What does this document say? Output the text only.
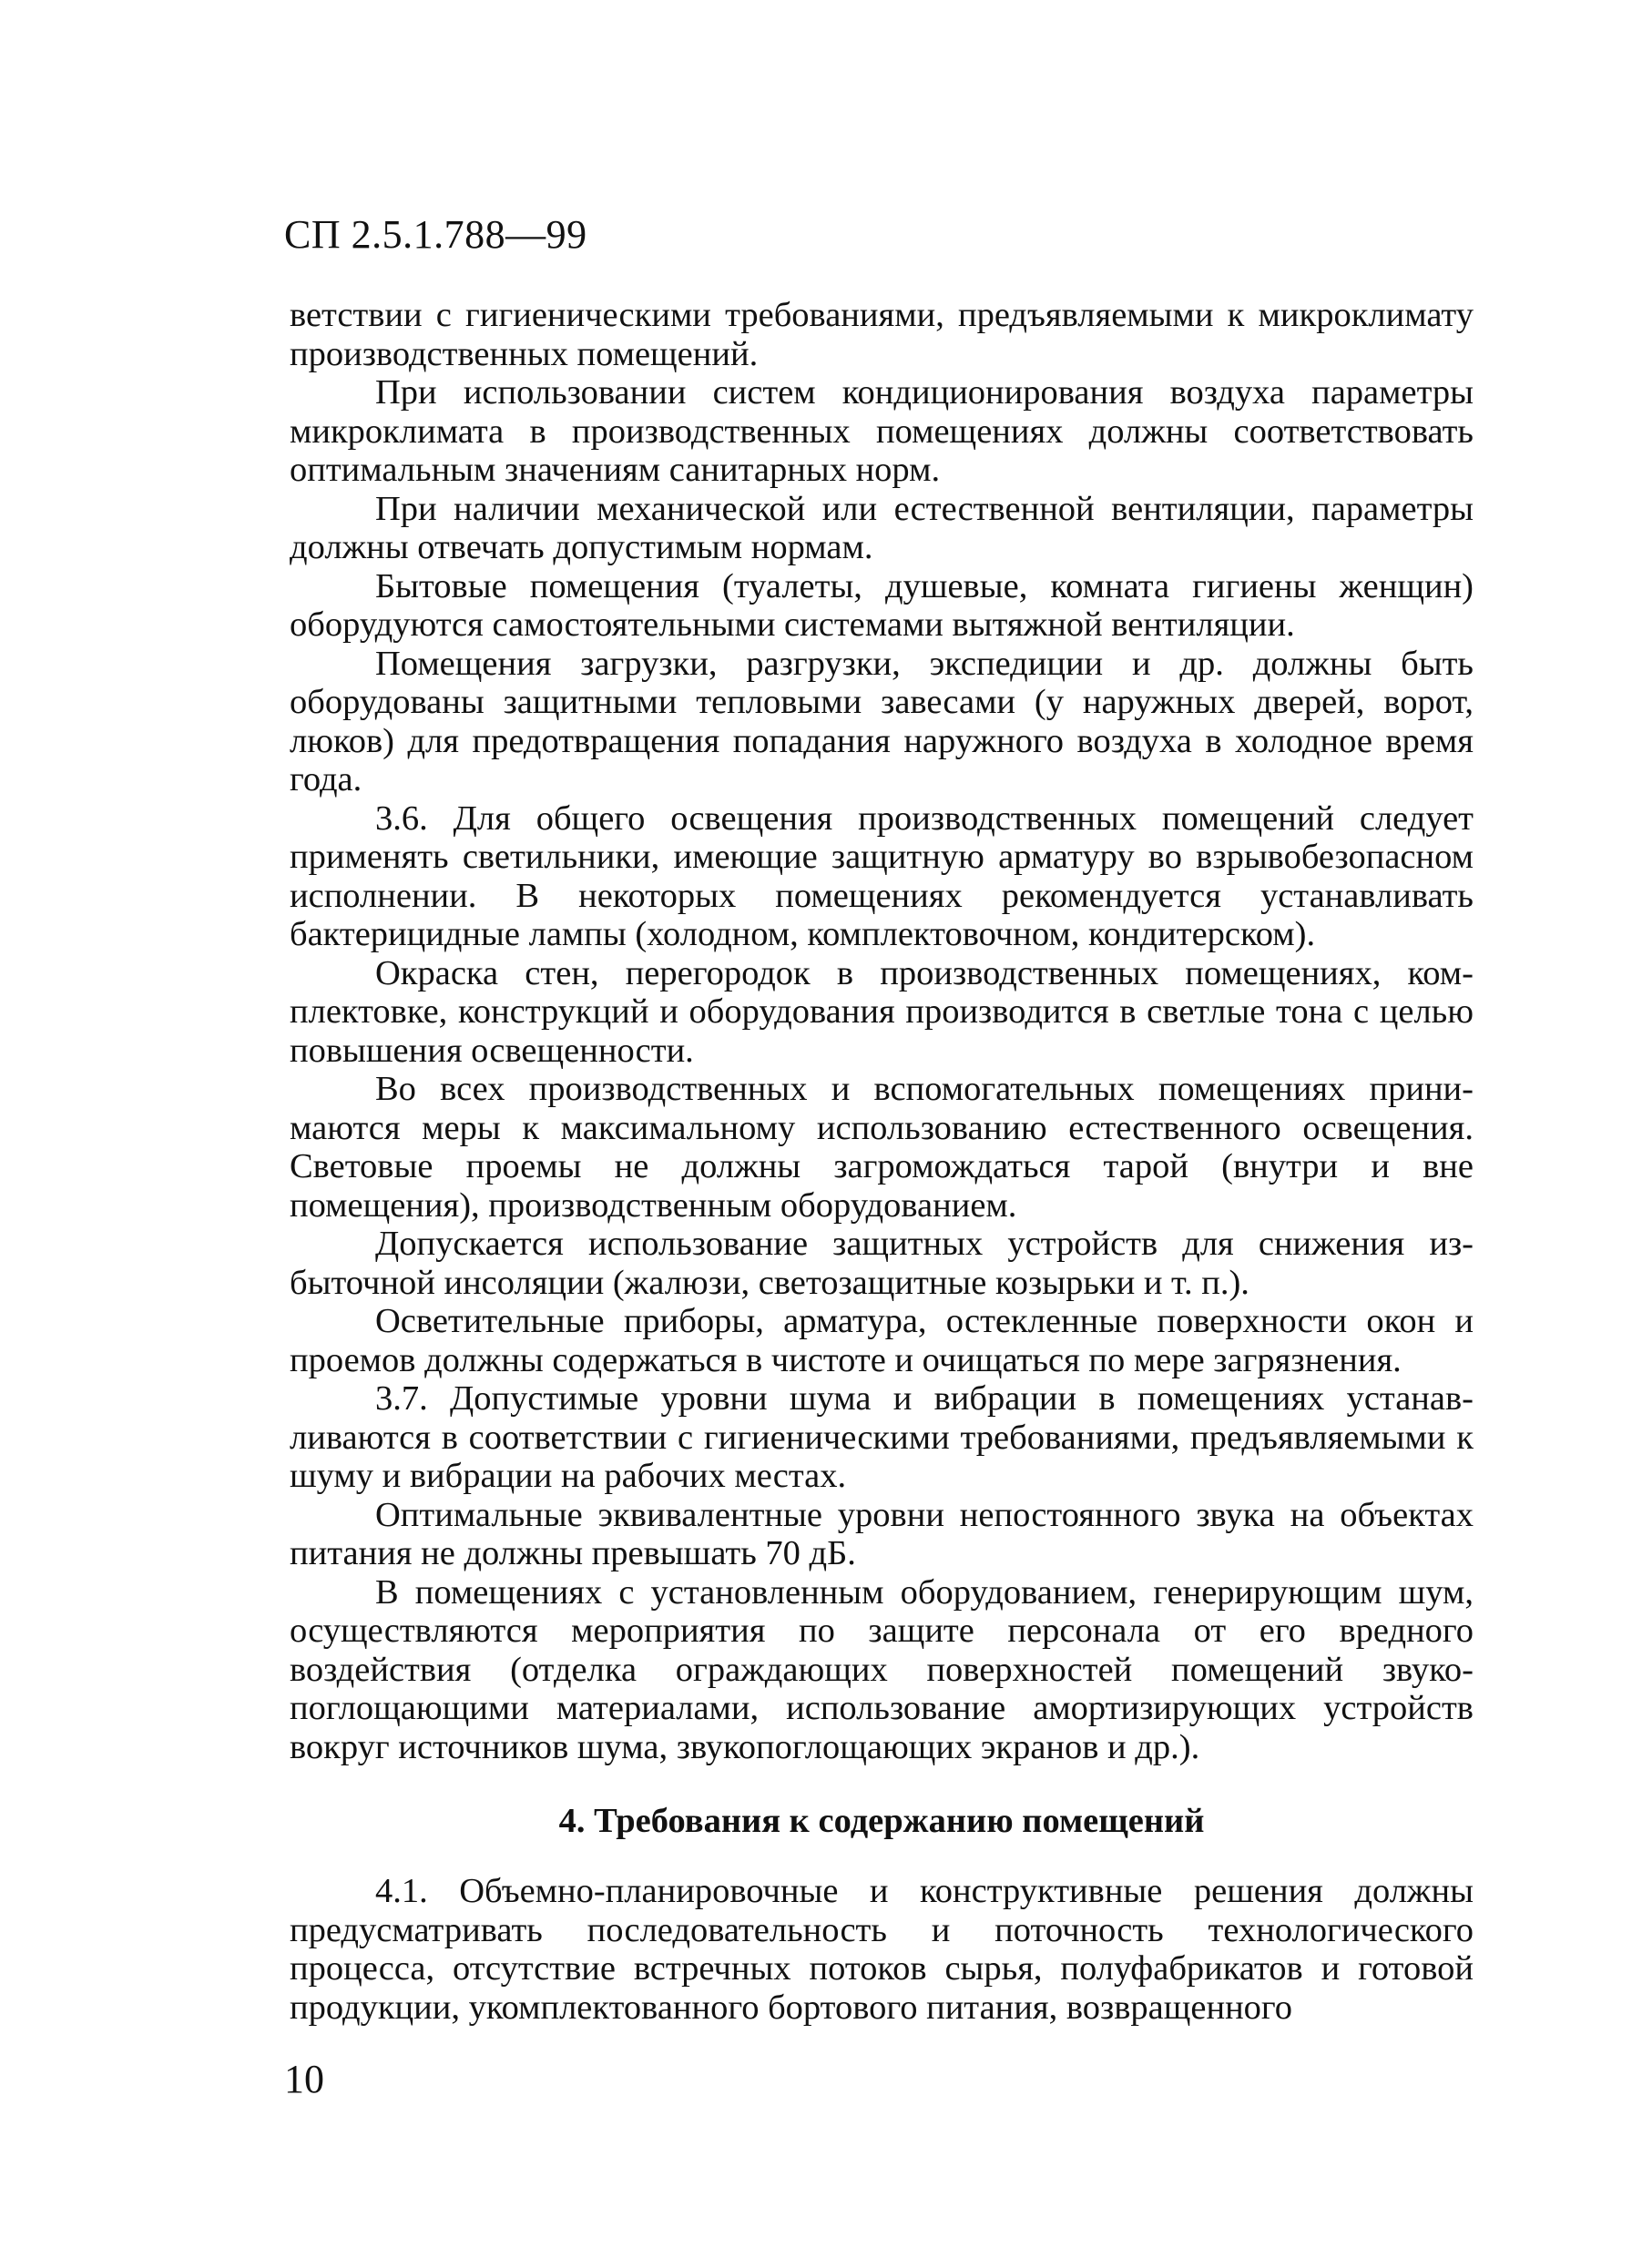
СП 2.5.1.788—99

ветствии с гигиеническими требованиями, предъявляемыми к микроклимату производственных помещений.

При использовании систем кондиционирования воздуха параметры микроклимата в производственных помещениях должны соответствовать оптимальным значениям санитарных норм.

При наличии механической или естественной вентиляции, параметры должны отвечать допустимым нормам.

Бытовые помещения (туалеты, душевые, комната гигиены женщин) оборудуются самостоятельными системами вытяжной вентиляции.

Помещения загрузки, разгрузки, экспедиции и др. должны быть оборудованы защитными тепловыми завесами (у наружных дверей, ворот, люков) для предотвращения попадания наружного воздуха в холодное время года.

3.6. Для общего освещения производственных помещений следует применять светильники, имеющие защитную арматуру во взрывобезопасном исполнении. В некоторых помещениях рекомендуется устанавливать бактерицидные лампы (холодном, комплектовочном, кондитерском).

Окраска стен, перегородок в производственных помещениях, комплектовке, конструкций и оборудования производится в светлые тона с целью повышения освещенности.

Во всех производственных и вспомогательных помещениях принимаются меры к максимальному использованию естественного освещения. Световые проемы не должны загромождаться тарой (внутри и вне помещения), производственным оборудованием.

Допускается использование защитных устройств для снижения избыточной инсоляции (жалюзи, светозащитные козырьки и т. п.).

Осветительные приборы, арматура, остекленные поверхности окон и проемов должны содержаться в чистоте и очищаться по мере загрязнения.

3.7. Допустимые уровни шума и вибрации в помещениях устанавливаются в соответствии с гигиеническими требованиями, предъявляемыми к шуму и вибрации на рабочих местах.

Оптимальные эквивалентные уровни непостоянного звука на объектах питания не должны превышать 70 дБ.

В помещениях с установленным оборудованием, генерирующим шум, осуществляются мероприятия по защите персонала от его вредного воздействия (отделка ограждающих поверхностей помещений звукопоглощающими материалами, использование амортизирующих устройств вокруг источников шума, звукопоглощающих экранов и др.).

4. Требования к содержанию помещений

4.1. Объемно-планировочные и конструктивные решения должны предусматривать последовательность и поточность технологического процесса, отсутствие встречных потоков сырья, полуфабрикатов и готовой продукции, укомплектованного бортового питания, возвращенного

10
